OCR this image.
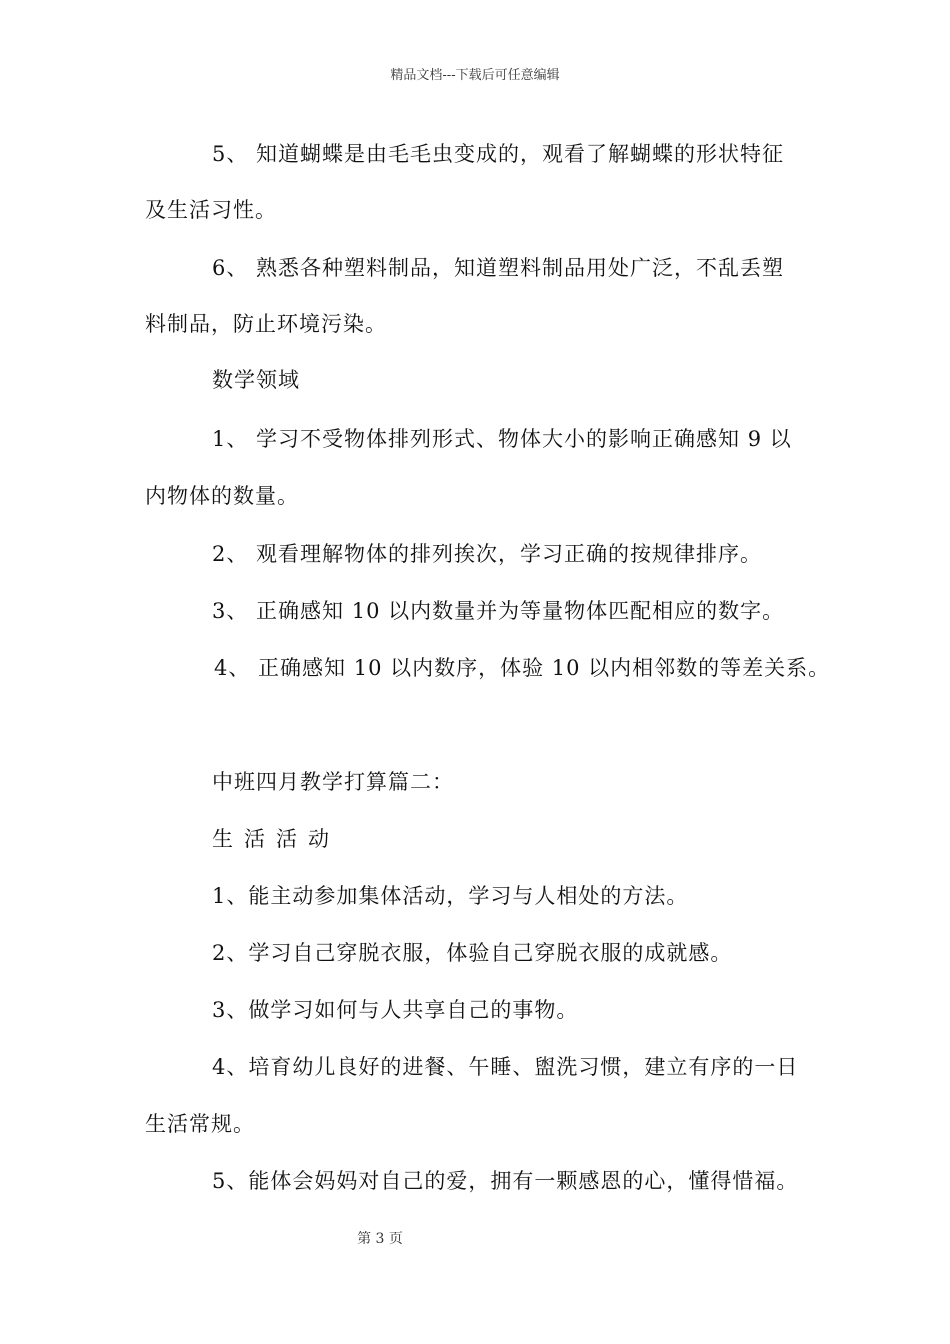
精品文档---下载后可任意编辑
5、 知道蝴蝶是由毛毛虫变成的，观看了解蝴蝶的形状特征
及生活习性。
6、 熟悉各种塑料制品，知道塑料制品用处广泛，不乱丢塑
料制品，防止环境污染。
数学领域
1、 学习不受物体排列形式、物体大小的影响正确感知 9 以
内物体的数量。
2、 观看理解物体的排列挨次，学习正确的按规律排序。
3、 正确感知 10 以内数量并为等量物体匹配相应的数字。
4、 正确感知 10 以内数序，体验 10 以内相邻数的等差关系。
中班四月教学打算篇二：
生活活动
1、能主动参加集体活动，学习与人相处的方法。
2、学习自己穿脱衣服，体验自己穿脱衣服的成就感。
3、做学习如何与人共享自己的事物。
4、培育幼儿良好的进餐、午睡、盥洗习惯，建立有序的一日
生活常规。
5、能体会妈妈对自己的爱，拥有一颗感恩的心，懂得惜福。
第 3 页
